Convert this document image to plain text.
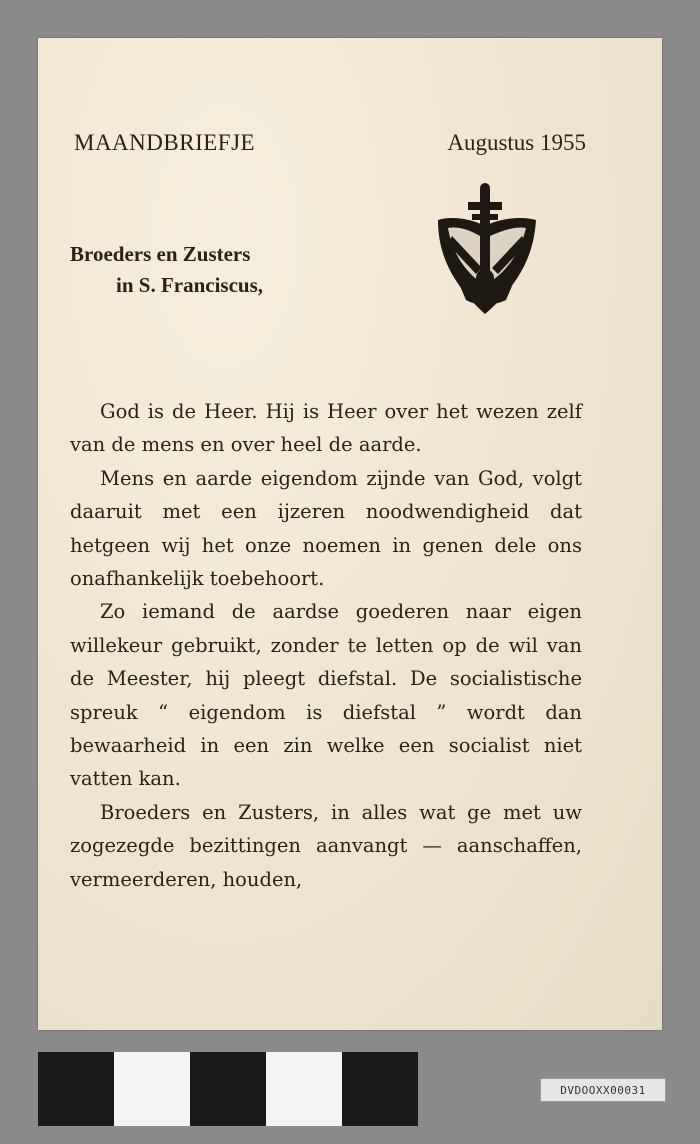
MAANDBRIEFJE	Augustus 1955
Broeders en Zusters
in S. Franciscus,

God is de Heer. Hij is Heer over het wezen zelf van de mens en over heel de aarde.

Mens en aarde eigendom zijnde van God, volgt daaruit met een ijzeren noodwendigheid dat hetgeen wij het onze noemen in genen dele ons onafhankelijk toebehoort.

Zo iemand de aardse goederen naar eigen willekeur gebruikt, zonder te letten op de wil van de Meester, hij pleegt diefstal. De socialistische spreuk “ eigendom is diefstal ” wordt dan bewaarheid in een zin welke een socialist niet vatten kan.

Broeders en Zusters, in alles wat ge met uw zogezegde bezittingen aanvangt — aanschaffen, vermeerderen, houden,

DVDOOXX00031
